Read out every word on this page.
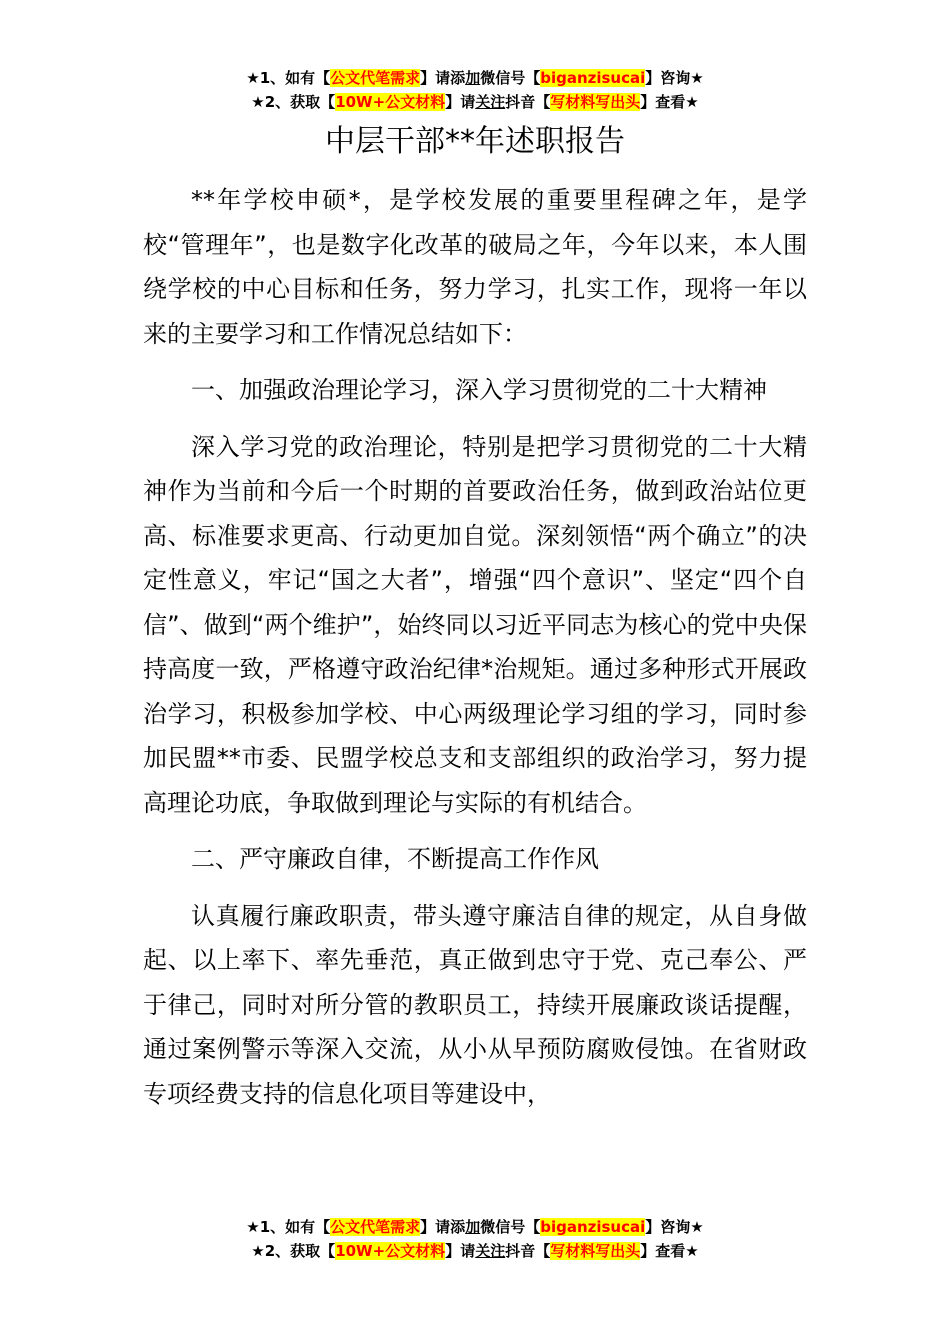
★1、如有【公文代笔需求】请添加微信号【biganzisucai】咨询★
★2、获取【10W+公文材料】请关注抖音【写材料写出头】查看★
中层干部**年述职报告

**年学校申硕*，是学校发展的重要里程碑之年，是学校“管理年”，也是数字化改革的破局之年，今年以来，本人围绕学校的中心目标和任务，努力学习，扎实工作，现将一年以来的主要学习和工作情况总结如下：

一、加强政治理论学习，深入学习贯彻党的二十大精神

深入学习党的政治理论，特别是把学习贯彻党的二十大精神作为当前和今后一个时期的首要政治任务，做到政治站位更高、标准要求更高、行动更加自觉。深刻领悟“两个确立”的决定性意义，牢记“国之大者”，增强“四个意识”、坚定“四个自信”、做到“两个维护”，始终同以习近平同志为核心的党中央保持高度一致，严格遵守政治纪律*治规矩。通过多种形式开展政治学习，积极参加学校、中心两级理论学习组的学习，同时参加民盟**市委、民盟学校总支和支部组织的政治学习，努力提高理论功底，争取做到理论与实际的有机结合。

二、严守廉政自律，不断提高工作作风

认真履行廉政职责，带头遵守廉洁自律的规定，从自身做起、以上率下、率先垂范，真正做到忠守于党、克己奉公、严于律己，同时对所分管的教职员工，持续开展廉政谈话提醒，通过案例警示等深入交流，从小从早预防腐败侵蚀。在省财政专项经费支持的信息化项目等建设中，

★1、如有【公文代笔需求】请添加微信号【biganzisucai】咨询★
★2、获取【10W+公文材料】请关注抖音【写材料写出头】查看★
